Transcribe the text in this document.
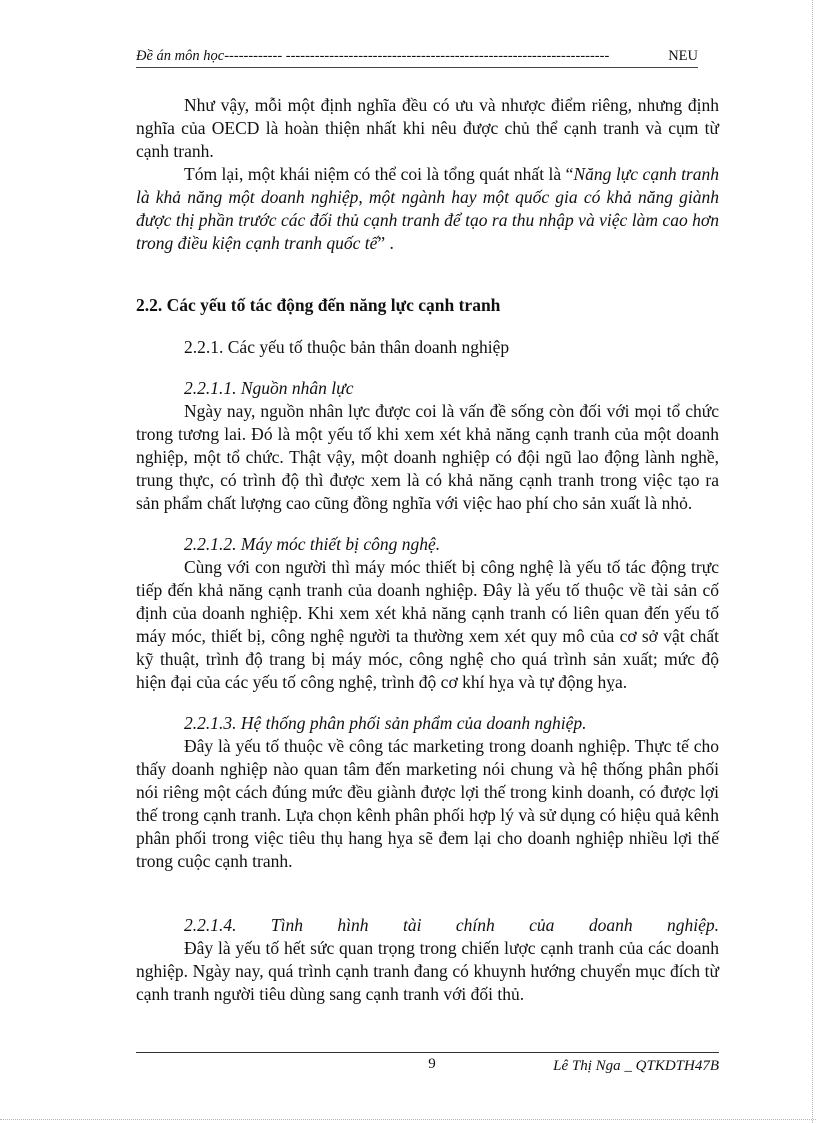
Đề án môn học------------ -------------------------------------------------------------------	NEU

Như vậy, mỗi một định nghĩa đều có ưu và nhược điểm riêng, nhưng định nghĩa của OECD là hoàn thiện nhất khi nêu được chủ thể cạnh tranh và cụm từ cạnh tranh.

Tóm lại, một khái niệm có thể coi là tổng quát nhất là “Năng lực cạnh tranh là khả năng một doanh nghiệp, một ngành hay một quốc gia có khả năng giành được thị phần trước các đối thủ cạnh tranh để tạo ra thu nhập và việc làm cao hơn trong điều kiện cạnh tranh quốc tế” .

2.2. Các yếu tố tác động đến năng lực cạnh tranh

2.2.1. Các yếu tố thuộc bản thân doanh nghiệp

2.2.1.1. Nguồn nhân lực

Ngày nay, nguồn nhân lực được coi là vấn đề sống còn đối với mọi tổ chức trong tương lai. Đó là một yếu tố khi xem xét khả năng cạnh tranh của một doanh nghiệp, một tổ chức. Thật vậy, một doanh nghiệp có đội ngũ lao động lành nghề, trung thực, có trình độ thì được xem là có khả năng cạnh tranh trong việc tạo ra sản phẩm chất lượng cao cũng đồng nghĩa với việc hao phí cho sản xuất là nhỏ.

2.2.1.2. Máy móc thiết bị công nghệ.

Cùng với con người thì máy móc thiết bị công nghệ là yếu tố tác động trực tiếp đến khả năng cạnh tranh của doanh nghiệp. Đây là yếu tố thuộc về tài sản cố định của doanh nghiệp. Khi xem xét khả năng cạnh tranh có liên quan đến yếu tố máy móc, thiết bị, công nghệ người ta thường xem xét quy mô của cơ sở vật chất kỹ thuật, trình độ trang bị máy móc, công nghệ cho quá trình sản xuất; mức độ hiện đại của các yếu tố công nghệ, trình độ cơ khí hỵa và tự động hỵa.

2.2.1.3. Hệ thống phân phối sản phẩm của doanh nghiệp.

Đây là yếu tố thuộc về công tác marketing trong doanh nghiệp. Thực tế cho thấy doanh nghiệp nào quan tâm đến marketing nói chung và hệ thống phân phối nói riêng một cách đúng mức đều giành được lợi thế trong kinh doanh, có được lợi thế trong cạnh tranh. Lựa chọn kênh phân phối hợp lý và sử dụng có hiệu quả kênh phân phối trong việc tiêu thụ hang hỵa sẽ đem lại cho doanh nghiệp nhiều lợi thế trong cuộc cạnh tranh.

2.2.1.4. Tình hình tài chính của doanh nghiệp.

Đây là yếu tố hết sức quan trọng trong chiến lược cạnh tranh của các doanh nghiệp. Ngày nay, quá trình cạnh tranh đang có khuynh hướng chuyển mục đích từ cạnh tranh người tiêu dùng sang cạnh tranh với đối thủ.

9	Lê Thị Nga _ QTKDTH47B
